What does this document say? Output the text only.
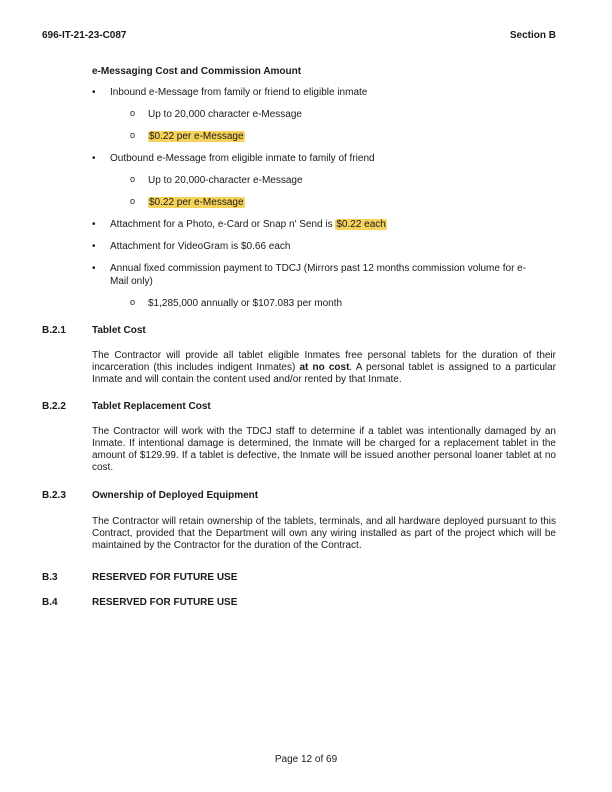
696-IT-21-23-C087	Section B
e-Messaging Cost and Commission Amount
• Inbound e-Message from family or friend to eligible inmate
o Up to 20,000 character e-Message
o $0.22 per e-Message
• Outbound e-Message from eligible inmate to family of friend
o Up to 20,000-character e-Message
o $0.22 per e-Message
• Attachment for a Photo, e-Card or Snap n' Send is $0.22 each
• Attachment for VideoGram is $0.66 each
• Annual fixed commission payment to TDCJ (Mirrors past 12 months commission volume for e-Mail only)
o $1,285,000 annually or $107.083 per month
B.2.1	Tablet Cost
The Contractor will provide all tablet eligible Inmates free personal tablets for the duration of their incarceration (this includes indigent Inmates) at no cost. A personal tablet is assigned to a particular Inmate and will contain the content used and/or rented by that Inmate.
B.2.2	Tablet Replacement Cost
The Contractor will work with the TDCJ staff to determine if a tablet was intentionally damaged by an Inmate. If intentional damage is determined, the Inmate will be charged for a replacement tablet in the amount of $129.99. If a tablet is defective, the Inmate will be issued another personal loaner tablet at no cost.
B.2.3	Ownership of Deployed Equipment
The Contractor will retain ownership of the tablets, terminals, and all hardware deployed pursuant to this Contract, provided that the Department will own any wiring installed as part of the project which will be maintained by the Contractor for the duration of the Contract.
B.3	RESERVED FOR FUTURE USE
B.4	RESERVED FOR FUTURE USE
Page 12 of 69
